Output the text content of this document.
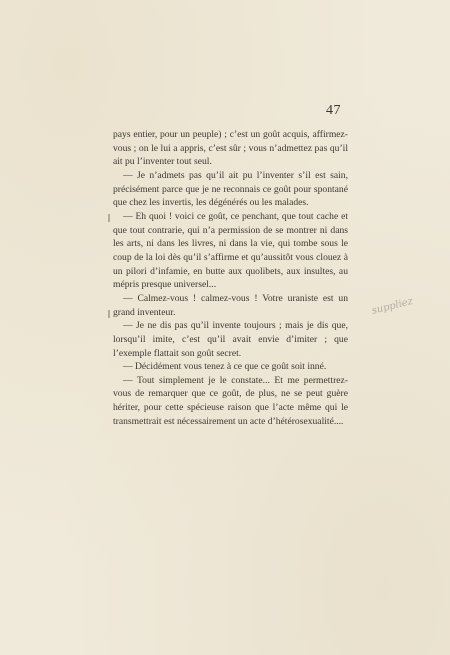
47

pays entier, pour un peuple) ; c’est un goût acquis, affirmez-vous ; on le lui a appris, c’est sûr ; vous n’admettez pas qu’il ait pu l’inventer tout seul.

— Je n’admets pas qu’il ait pu l’inventer s’il est sain, précisément parce que je ne reconnais ce goût pour spontané que chez les invertis, les dégénérés ou les malades.

— Eh quoi ! voici ce goût, ce penchant, que tout cache et que tout contrarie, qui n’a permission de se montrer ni dans les arts, ni dans les livres, ni dans la vie, qui tombe sous le coup de la loi dès qu’il s’affirme et qu’aussitôt vous clouez à un pilori d’infamie, en butte aux quolibets, aux insultes, au mépris presque universel...

— Calmez-vous ! calmez-vous ! Votre uraniste est un grand inventeur.

— Je ne dis pas qu’il invente toujours ; mais je dis que, lorsqu’il imite, c’est qu’il avait envie d’imiter ; que l’exemple flattait son goût secret.

— Décidément vous tenez à ce que ce goût soit inné.

— Tout simplement je le constate... Et me permettrez-vous de remarquer que ce goût, de plus, ne se peut guère hériter, pour cette spécieuse raison que l’acte même qui le transmettrait est nécessairement un acte d’hétérosexualité....

suppliez
